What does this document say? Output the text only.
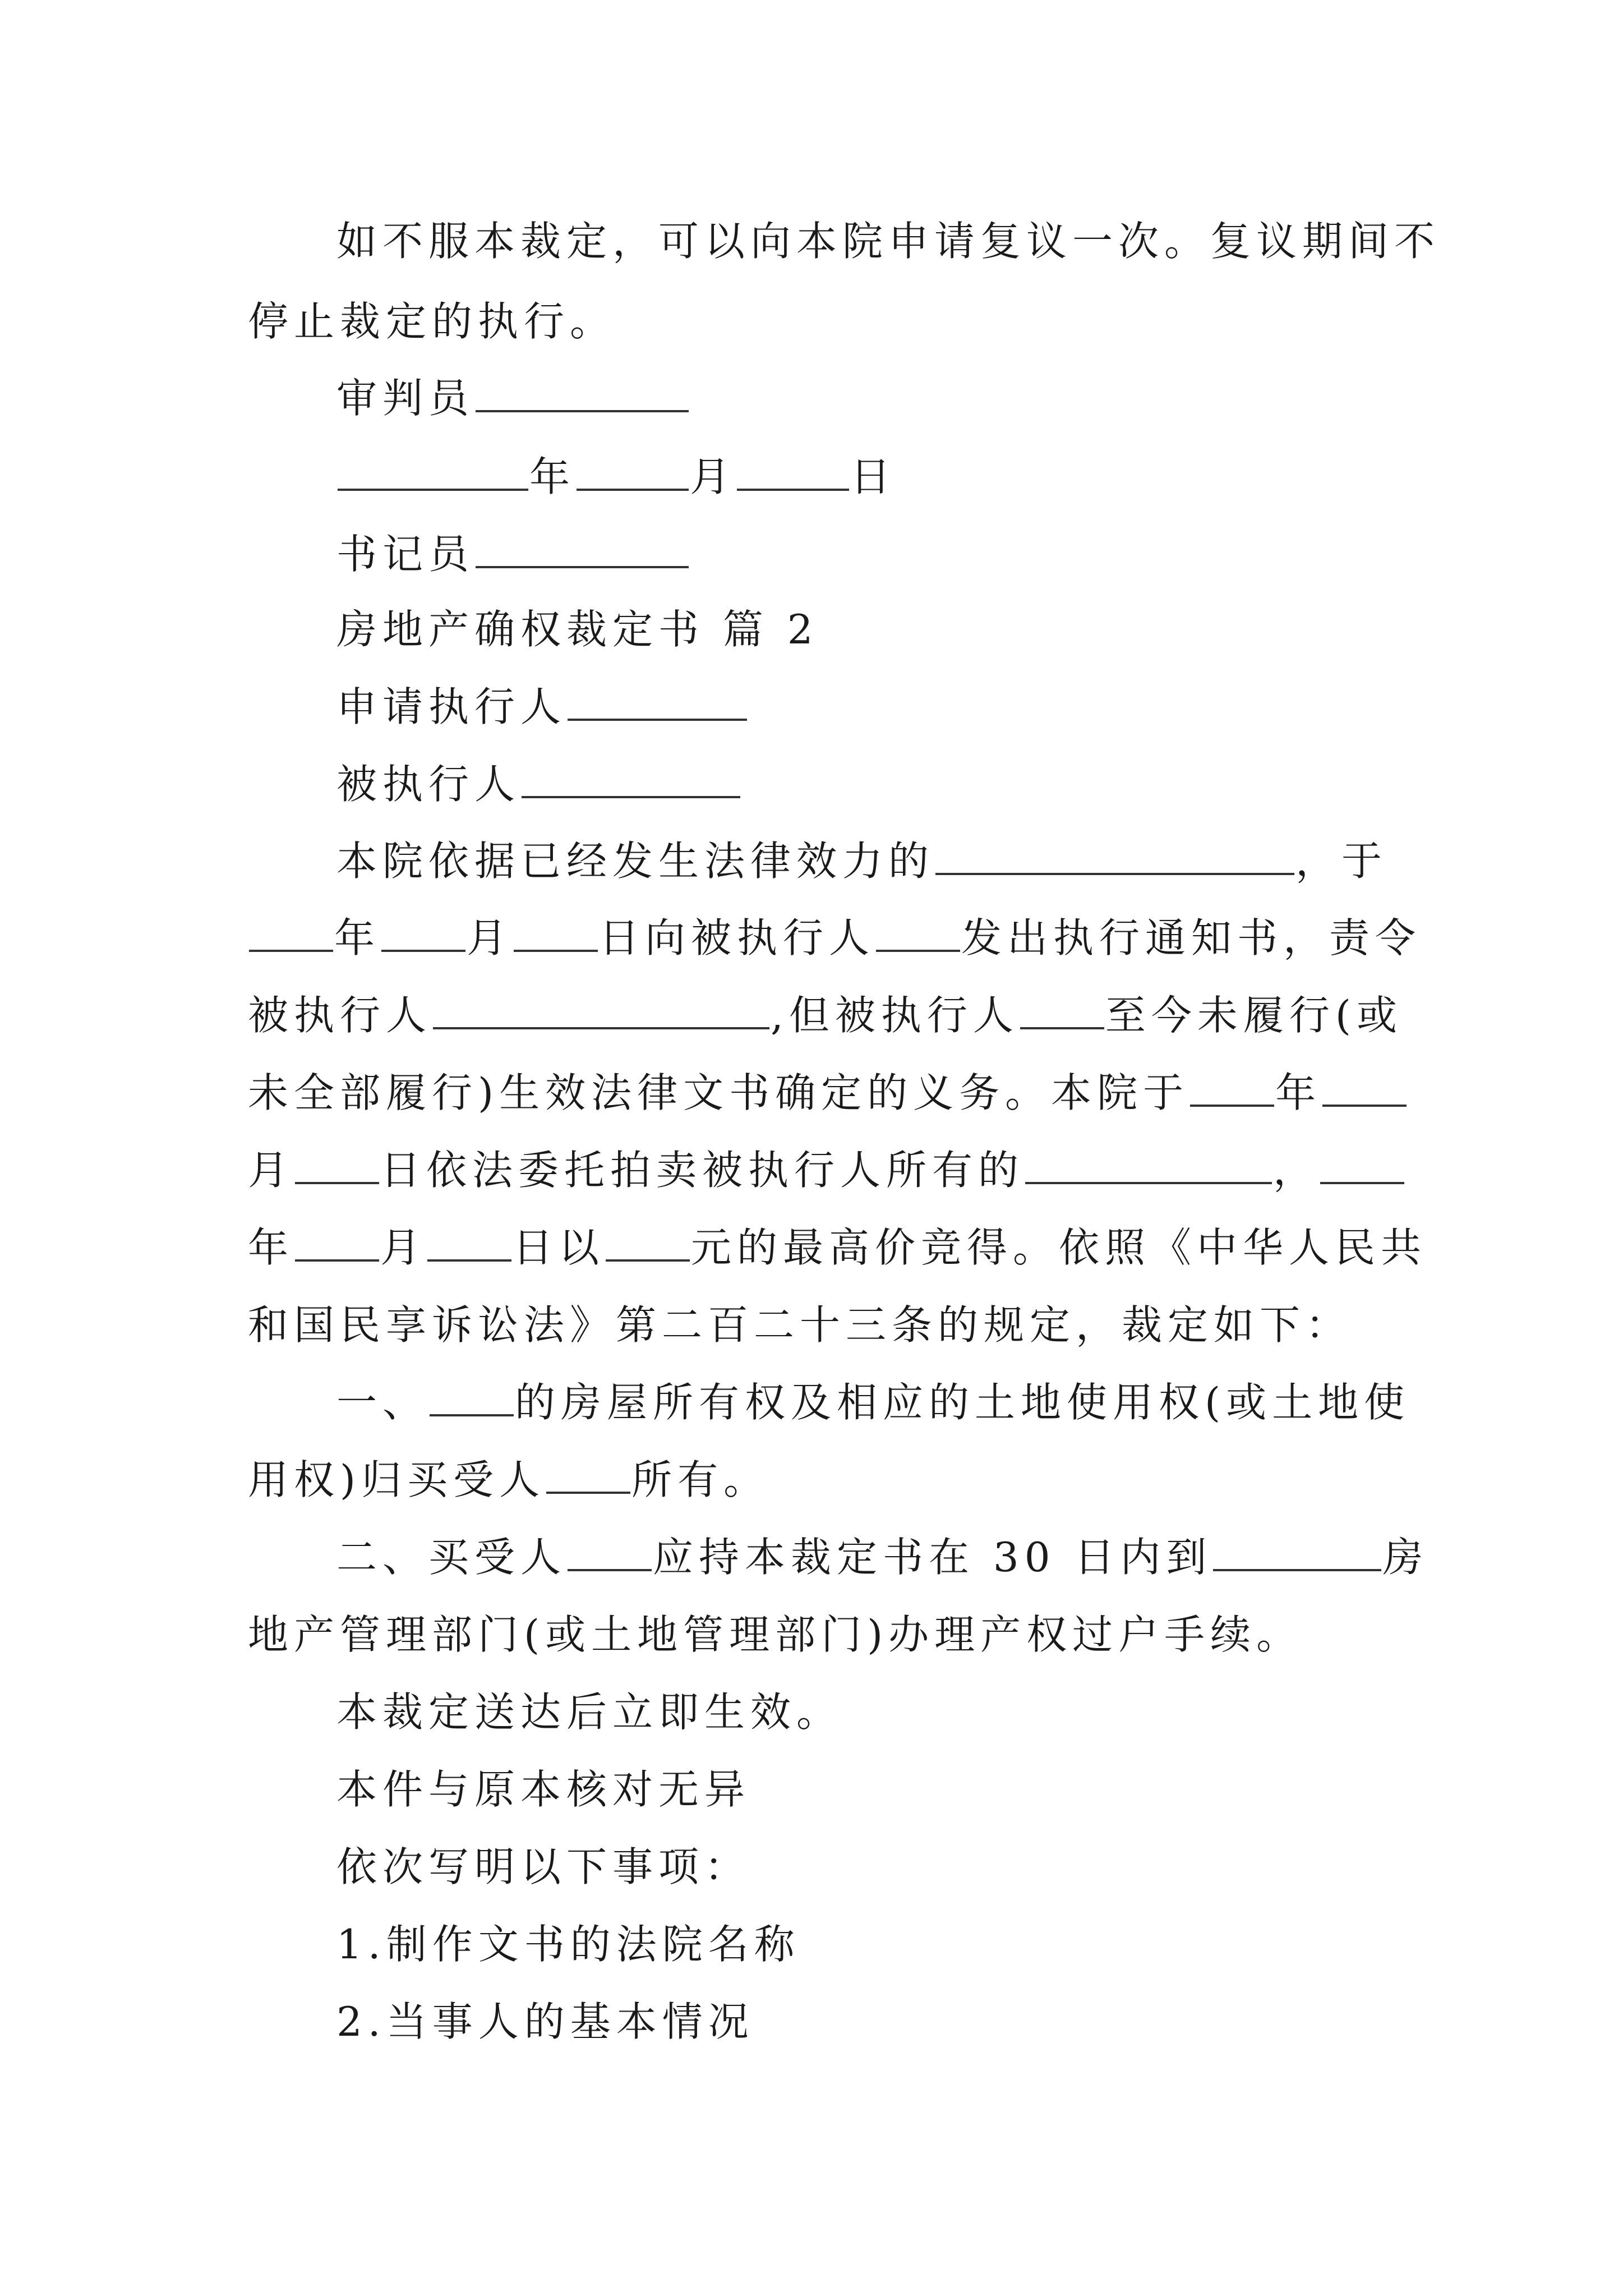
如不服本裁定，可以向本院申请复议一次。复议期间不
停止裁定的执行。
审判员
年	月	日
书记员
房地产确权裁定书 篇 2
申请执行人
被执行人
本院依据已经发生法律效力的	，于
年 月 日向被执行人 发出执行通知书，责令
被执行人	,但被执行人 至今未履行(或
未全部履行)生效法律文书确定的义务。本院于 年
月 日依法委托拍卖被执行人所有的	，
年 月 日以 元的最高价竞得。依照《中华人民共
和国民享诉讼法》第二百二十三条的规定，裁定如下：
一、 的房屋所有权及相应的土地使用权(或土地使
用权)归买受人 所有。
二、买受人 应持本裁定书在 30 日内到	房
地产管理部门(或土地管理部门)办理产权过户手续。
本裁定送达后立即生效。
本件与原本核对无异
依次写明以下事项：
1.制作文书的法院名称
2.当事人的基本情况
